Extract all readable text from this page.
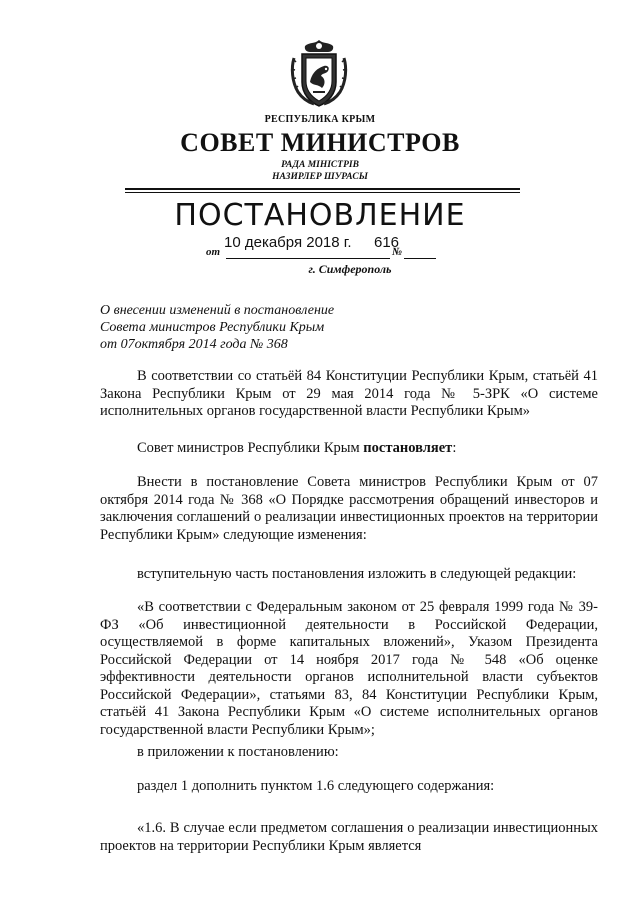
РЕСПУБЛИКА КРЫМ
СОВЕТ МИНИСТРОВ
РАДА МІНІСТРІВ
НАЗИРЛЕР ШУРАСЫ
ПОСТАНОВЛЕНИЕ
от
10 декабря 2018 г. 616
№
г. Симферополь
О внесении изменений в постановление
Совета министров Республики Крым
от 07октября 2014 года № 368
В соответствии со статьёй 84 Конституции Республики Крым, статьёй 41 Закона Республики Крым от 29 мая 2014 года № 5-ЗРК «О системе исполнительных органов государственной власти Республики Крым»
Совет министров Республики Крым постановляет:
Внести в постановление Совета министров Республики Крым от 07 октября 2014 года № 368 «О Порядке рассмотрения обращений инвесторов и заключения соглашений о реализации инвестиционных проектов на территории Республики Крым» следующие изменения:
вступительную часть постановления изложить в следующей редакции:
«В соответствии с Федеральным законом от 25 февраля 1999 года № 39-ФЗ «Об инвестиционной деятельности в Российской Федерации, осуществляемой в форме капитальных вложений», Указом Президента Российской Федерации от 14 ноября 2017 года № 548 «Об оценке эффективности деятельности органов исполнительной власти субъектов Российской Федерации», статьями 83, 84 Конституции Республики Крым, статьёй 41 Закона Республики Крым «О системе исполнительных органов государственной власти Республики Крым»;
в приложении к постановлению:
раздел 1 дополнить пунктом 1.6 следующего содержания:
«1.6. В случае если предметом соглашения о реализации инвестиционных проектов на территории Республики Крым является
